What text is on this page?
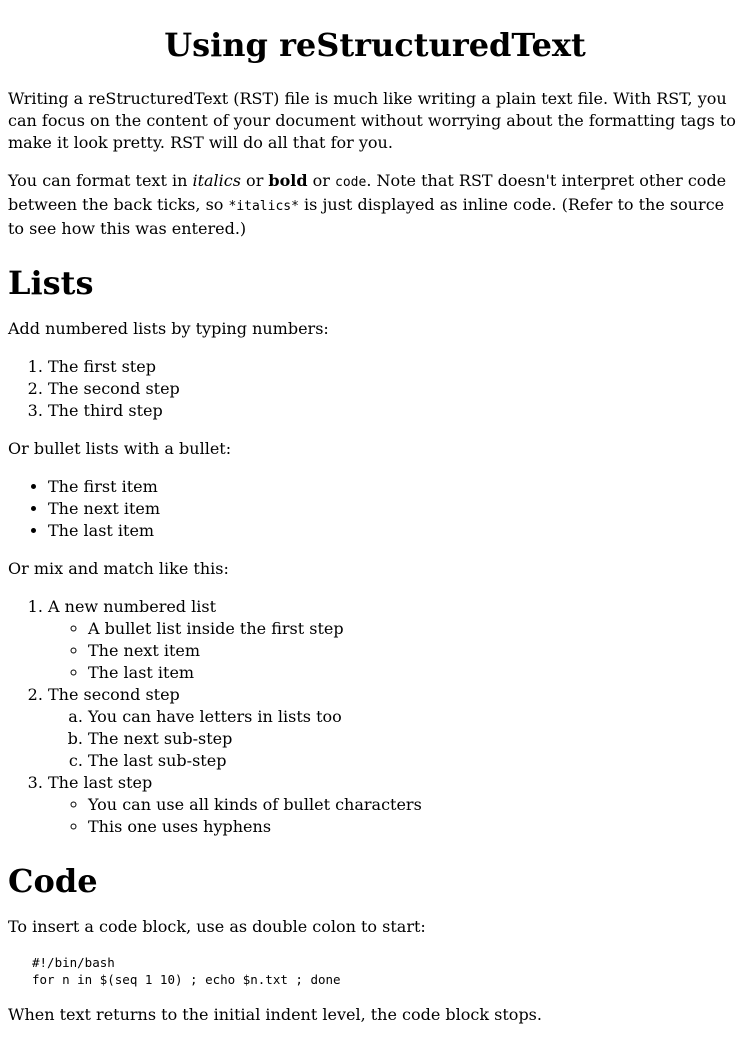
Using reStructuredText

Writing a reStructuredText (RST) file is much like writing a plain text file. With RST, you can focus on the content of your document without worrying about the formatting tags to make it look pretty. RST will do all that for you.

You can format text in italics or bold or code. Note that RST doesn't interpret other code between the back ticks, so *italics* is just displayed as inline code. (Refer to the source to see how this was entered.)

Lists

Add numbered lists by typing numbers:

1. The first step
2. The second step
3. The third step

Or bullet lists with a bullet:

• The first item
• The next item
• The last item

Or mix and match like this:

1. A new numbered list
◦ A bullet list inside the first step
◦ The next item
◦ The last item
2. The second step
a. You can have letters in lists too
b. The next sub-step
c. The last sub-step
3. The last step
◦ You can use all kinds of bullet characters
◦ This one uses hyphens
Code

To insert a code block, use as double colon to start:

#!/bin/bash
for n in $(seq 1 10) ; echo $n.txt ; done

When text returns to the initial indent level, the code block stops.
